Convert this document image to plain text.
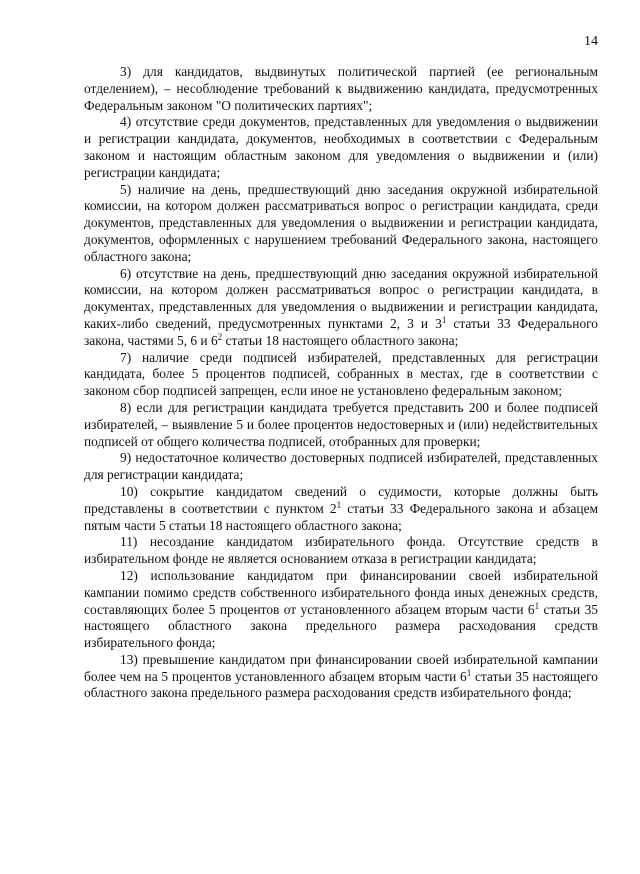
14

3) для кандидатов, выдвинутых политической партией (ее региональным отделением), – несоблюдение требований к выдвижению кандидата, предусмотренных Федеральным законом "О политических партиях";

4) отсутствие среди документов, представленных для уведомления о выдвижении и регистрации кандидата, документов, необходимых в соответствии с Федеральным законом и настоящим областным законом для уведомления о выдвижении и (или) регистрации кандидата;

5) наличие на день, предшествующий дню заседания окружной избирательной комиссии, на котором должен рассматриваться вопрос о регистрации кандидата, среди документов, представленных для уведомления о выдвижении и регистрации кандидата, документов, оформленных с нарушением требований Федерального закона, настоящего областного закона;

6) отсутствие на день, предшествующий дню заседания окружной избирательной комиссии, на котором должен рассматриваться вопрос о регистрации кандидата, в документах, представленных для уведомления о выдвижении и регистрации кандидата, каких-либо сведений, предусмотренных пунктами 2, 3 и $3^1$ статьи 33 Федерального закона, частями 5, 6 и $6^2$ статьи 18 настоящего областного закона;

7) наличие среди подписей избирателей, представленных для регистрации кандидата, более 5 процентов подписей, собранных в местах, где в соответствии с законом сбор подписей запрещен, если иное не установлено федеральным законом;

8) если для регистрации кандидата требуется представить 200 и более подписей избирателей, – выявление 5 и более процентов недостоверных и (или) недействительных подписей от общего количества подписей, отобранных для проверки;

9) недостаточное количество достоверных подписей избирателей, представленных для регистрации кандидата;

10) сокрытие кандидатом сведений о судимости, которые должны быть представлены в соответствии с пунктом $2^1$ статьи 33 Федерального закона и абзацем пятым части 5 статьи 18 настоящего областного закона;

11) несоздание кандидатом избирательного фонда. Отсутствие средств в избирательном фонде не является основанием отказа в регистрации кандидата;

12) использование кандидатом при финансировании своей избирательной кампании помимо средств собственного избирательного фонда иных денежных средств, составляющих более 5 процентов от установленного абзацем вторым части $6^1$ статьи 35 настоящего областного закона предельного размера расходования средств избирательного фонда;

13) превышение кандидатом при финансировании своей избирательной кампании более чем на 5 процентов установленного абзацем вторым части $6^1$ статьи 35 настоящего областного закона предельного размера расходования средств избирательного фонда;
